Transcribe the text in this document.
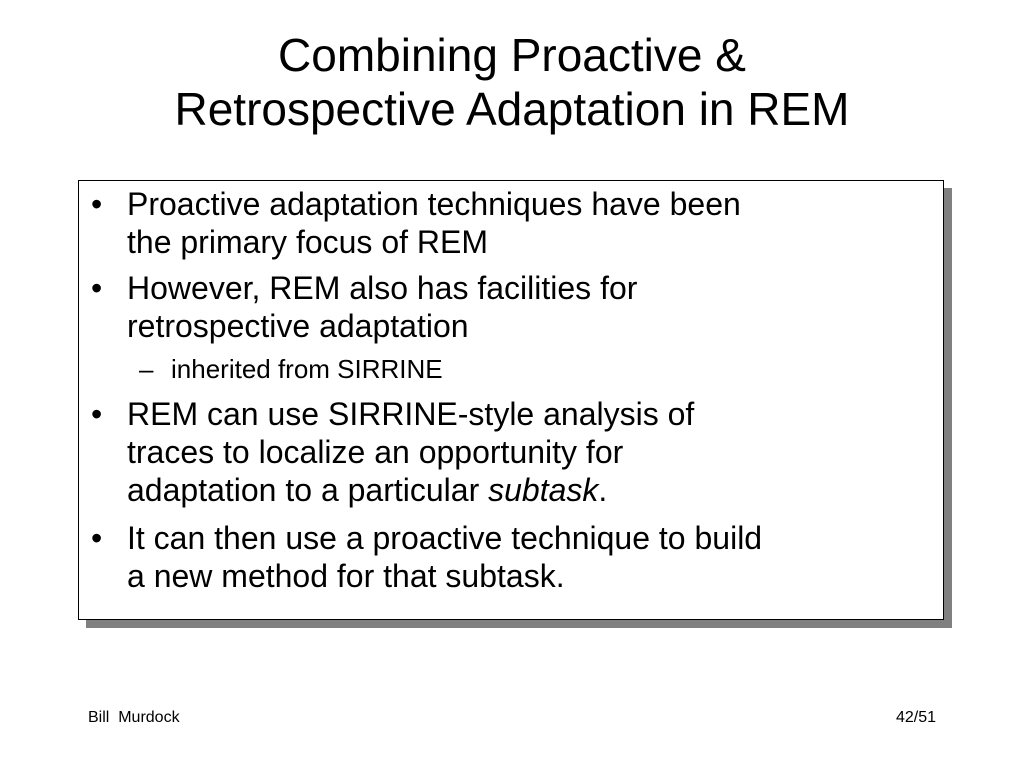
Combining Proactive &
Retrospective Adaptation in REM
• Proactive adaptation techniques have been
the primary focus of REM
• However, REM also has facilities for
retrospective adaptation
– inherited from SIRRINE
• REM can use SIRRINE-style analysis of
traces to localize an opportunity for
adaptation to a particular subtask.
• It can then use a proactive technique to build
a new method for that subtask.
Bill  Murdock	42/51
